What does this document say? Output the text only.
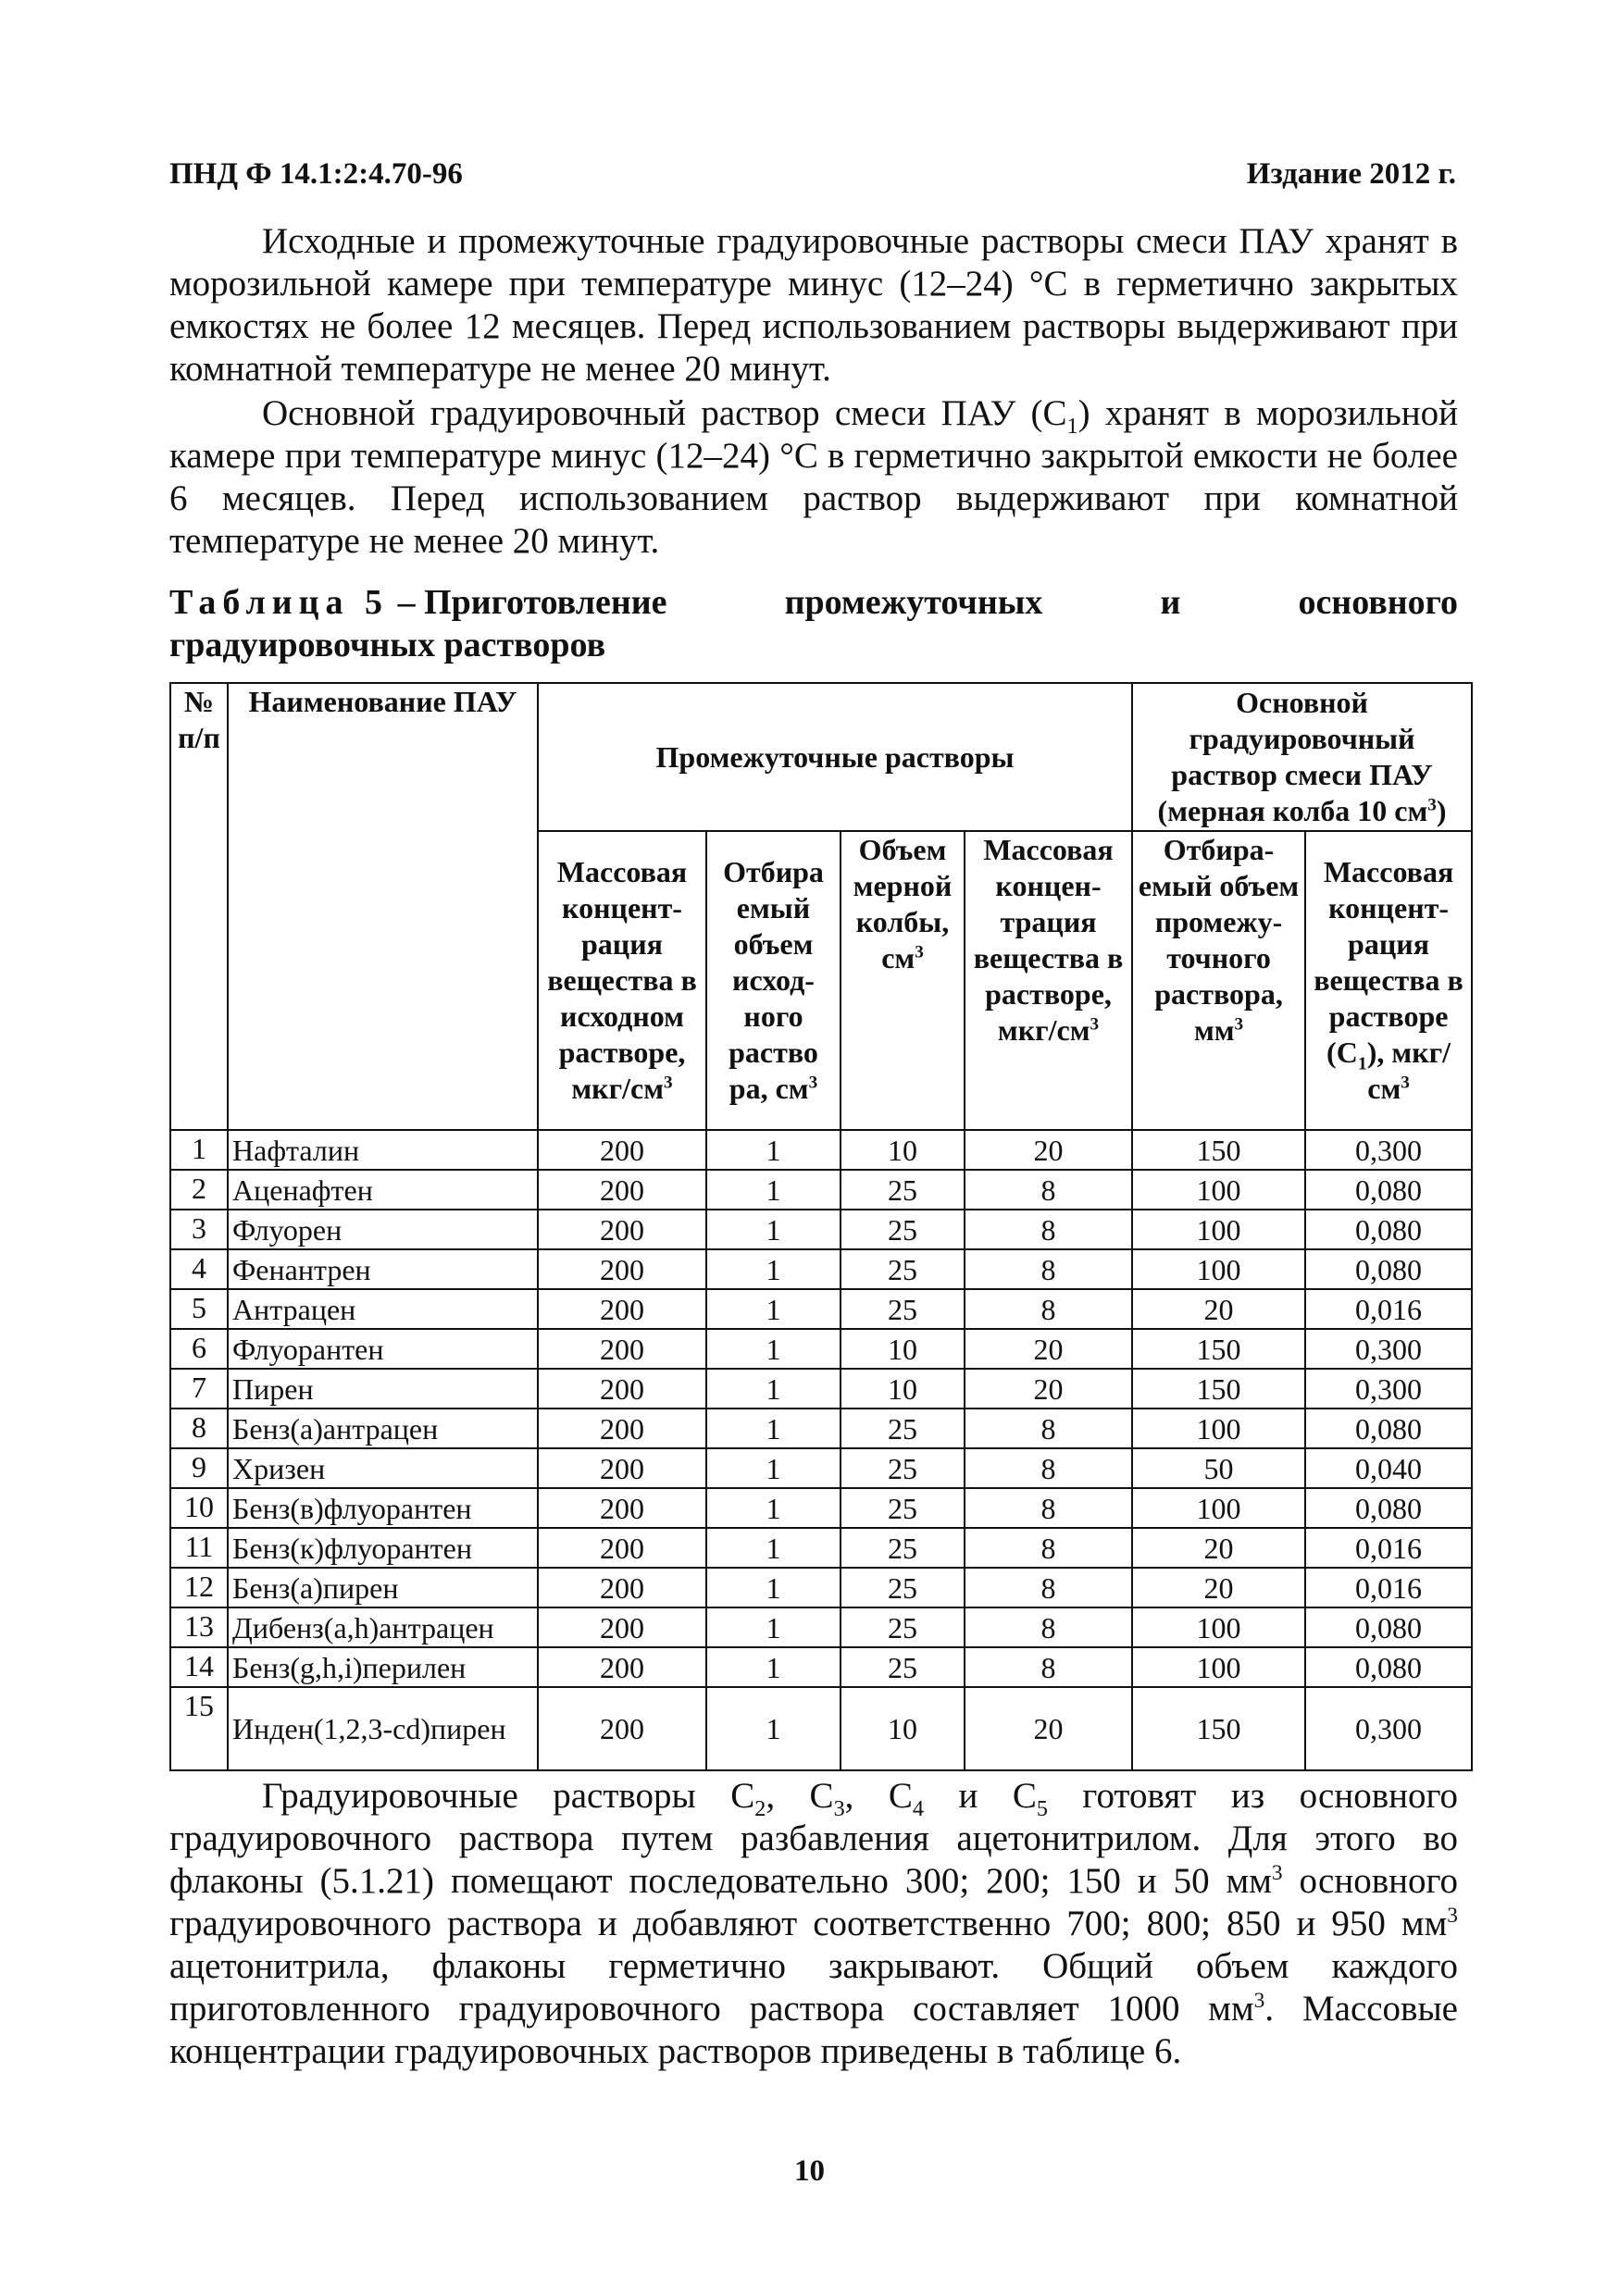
ПНД Ф 14.1:2:4.70-96	Издание 2012 г.

Исходные и промежуточные градуировочные растворы смеси ПАУ хранят в морозильной камере при температуре минус (12–24) °С в герметично закрытых емкостях не более 12 месяцев. Перед использованием растворы выдерживают при комнатной температуре не менее 20 минут.

Основной градуировочный раствор смеси ПАУ $(С_1)$ хранят в морозильной камере при температуре минус (12–24) °С в герметично закрытой емкости не более 6 месяцев. Перед использованием раствор выдерживают при комнатной температуре не менее 20 минут.

Таблица 5 – Приготовление	промежуточных	и	основного
градуировочных растворов
№ п/п	Наименование ПАУ	Промежуточные растворы				Основной градуировочный раствор смеси ПАУ (мерная колба 10 $см^3$)	
		Массовая концент-рация вещества в исходном растворе, мкг/$см^3$	Отбира емый объем исход-ного раство ра, $см^3$	Объем мерной колбы, $см^3$	Массовая концен-трация вещества в растворе, мкг/$см^3$	Отбира-емый объем промежу-точного раствора, $мм^3$	Массовая концент-рация вещества в растворе $(С_1)$, мкг/$см^3$
1	Нафталин	200	1	10	20	150	0,300
2	Аценафтен	200	1	25	8	100	0,080
3	Флуорен	200	1	25	8	100	0,080
4	Фенантрен	200	1	25	8	100	0,080
5	Антрацен	200	1	25	8	20	0,016
6	Флуорантен	200	1	10	20	150	0,300
7	Пирен	200	1	10	20	150	0,300
8	Бенз(а)антрацен	200	1	25	8	100	0,080
9	Хризен	200	1	25	8	50	0,040
10	Бенз(в)флуорантен	200	1	25	8	100	0,080
11	Бенз(к)флуорантен	200	1	25	8	20	0,016
12	Бенз(а)пирен	200	1	25	8	20	0,016
13	Дибенз(a,h)антрацен	200	1	25	8	100	0,080
14	Бенз(g,h,i)перилен	200	1	25	8	100	0,080
15	Инден(1,2,3-cd)пирен	200	1	10	20	150	0,300

Градуировочные растворы $С_2$, $С_3$, $С_4$ и $С_5$ готовят из основного градуировочного раствора путем разбавления ацетонитрилом. Для этого во флаконы (5.1.21) помещают последовательно 300; 200; 150 и 50 $мм^3$ основного градуировочного раствора и добавляют соответственно 700; 800; 850 и 950 $мм^3$ ацетонитрила, флаконы герметично закрывают. Общий объем каждого приготовленного градуировочного раствора составляет 1000 $мм^3$. Массовые концентрации градуировочных растворов приведены в таблице 6.

10
